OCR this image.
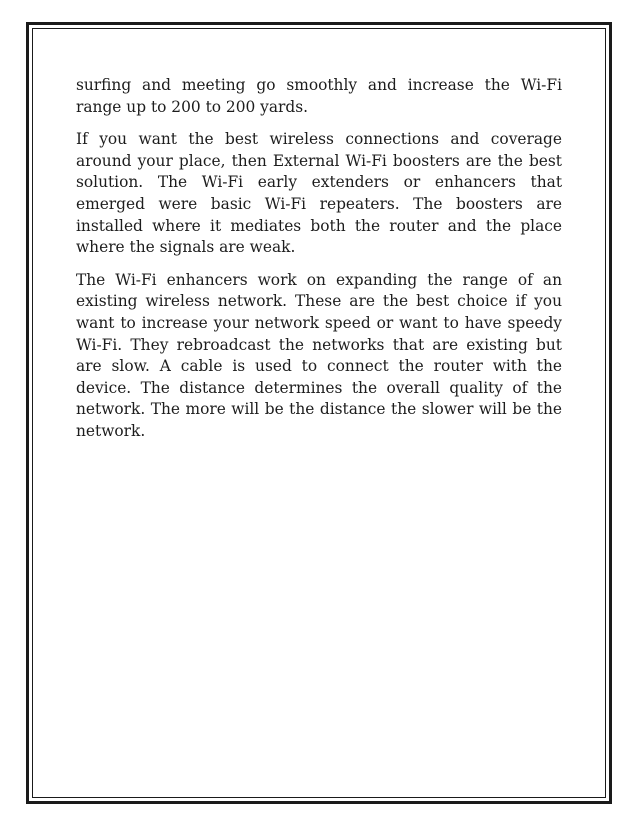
surfing and meeting go smoothly and increase the Wi-Fi range up to 200 to 200 yards.

If you want the best wireless connections and coverage around your place, then External Wi-Fi boosters are the best solution. The Wi-Fi early extenders or enhancers that emerged were basic Wi-Fi repeaters. The boosters are installed where it mediates both the router and the place where the signals are weak.

The Wi-Fi enhancers work on expanding the range of an existing wireless network. These are the best choice if you want to increase your network speed or want to have speedy Wi-Fi. They rebroadcast the networks that are existing but are slow. A cable is used to connect the router with the device. The distance determines the overall quality of the network. The more will be the distance the slower will be the network.
